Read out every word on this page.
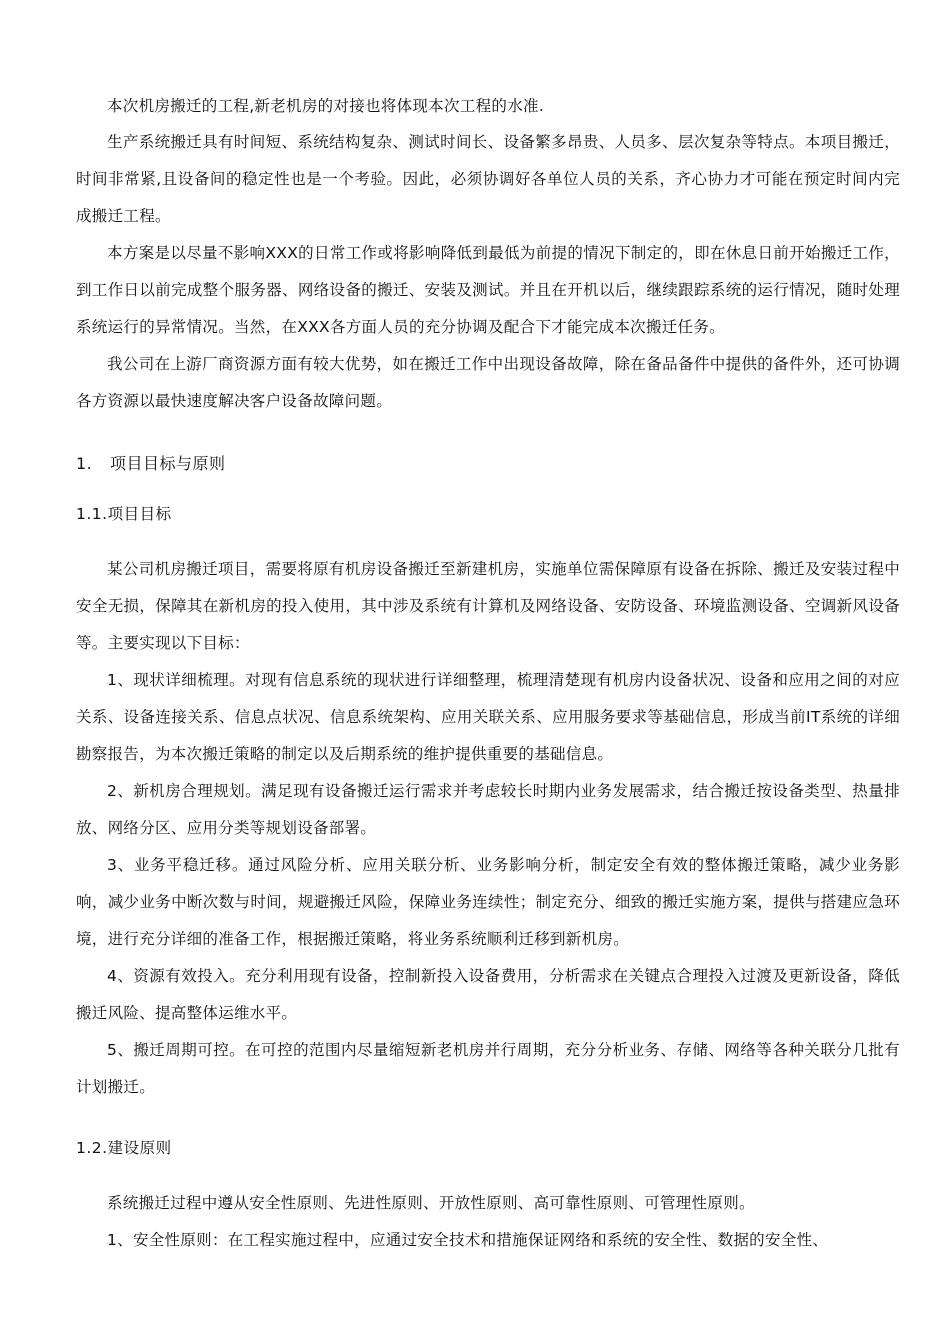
本次机房搬迁的工程,新老机房的对接也将体现本次工程的水准.

生产系统搬迁具有时间短、系统结构复杂、测试时间长、设备繁多昂贵、人员多、层次复杂等特点。本项目搬迁，时间非常紧,且设备间的稳定性也是一个考验。因此，必须协调好各单位人员的关系，齐心协力才可能在预定时间内完成搬迁工程。

本方案是以尽量不影响XXX的日常工作或将影响降低到最低为前提的情况下制定的，即在休息日前开始搬迁工作，到工作日以前完成整个服务器、网络设备的搬迁、安装及测试。并且在开机以后，继续跟踪系统的运行情况，随时处理系统运行的异常情况。当然，在XXX各方面人员的充分协调及配合下才能完成本次搬迁任务。

我公司在上游厂商资源方面有较大优势，如在搬迁工作中出现设备故障，除在备品备件中提供的备件外，还可协调各方资源以最快速度解决客户设备故障问题。

1. 项目目标与原则
1.1.项目目标

某公司机房搬迁项目，需要将原有机房设备搬迁至新建机房，实施单位需保障原有设备在拆除、搬迁及安装过程中安全无损，保障其在新机房的投入使用，其中涉及系统有计算机及网络设备、安防设备、环境监测设备、空调新风设备等。主要实现以下目标：

1、现状详细梳理。对现有信息系统的现状进行详细整理，梳理清楚现有机房内设备状况、设备和应用之间的对应关系、设备连接关系、信息点状况、信息系统架构、应用关联关系、应用服务要求等基础信息，形成当前IT系统的详细勘察报告，为本次搬迁策略的制定以及后期系统的维护提供重要的基础信息。

2、新机房合理规划。满足现有设备搬迁运行需求并考虑较长时期内业务发展需求，结合搬迁按设备类型、热量排放、网络分区、应用分类等规划设备部署。

3、业务平稳迁移。通过风险分析、应用关联分析、业务影响分析，制定安全有效的整体搬迁策略，减少业务影响，减少业务中断次数与时间，规避搬迁风险，保障业务连续性；制定充分、细致的搬迁实施方案，提供与搭建应急环境，进行充分详细的准备工作，根据搬迁策略，将业务系统顺利迁移到新机房。

4、资源有效投入。充分利用现有设备，控制新投入设备费用，分析需求在关键点合理投入过渡及更新设备，降低搬迁风险、提高整体运维水平。

5、搬迁周期可控。在可控的范围内尽量缩短新老机房并行周期，充分分析业务、存储、网络等各种关联分几批有计划搬迁。

1.2.建设原则

系统搬迁过程中遵从安全性原则、先进性原则、开放性原则、高可靠性原则、可管理性原则。

1、安全性原则：在工程实施过程中，应通过安全技术和措施保证网络和系统的安全性、数据的安全性、
